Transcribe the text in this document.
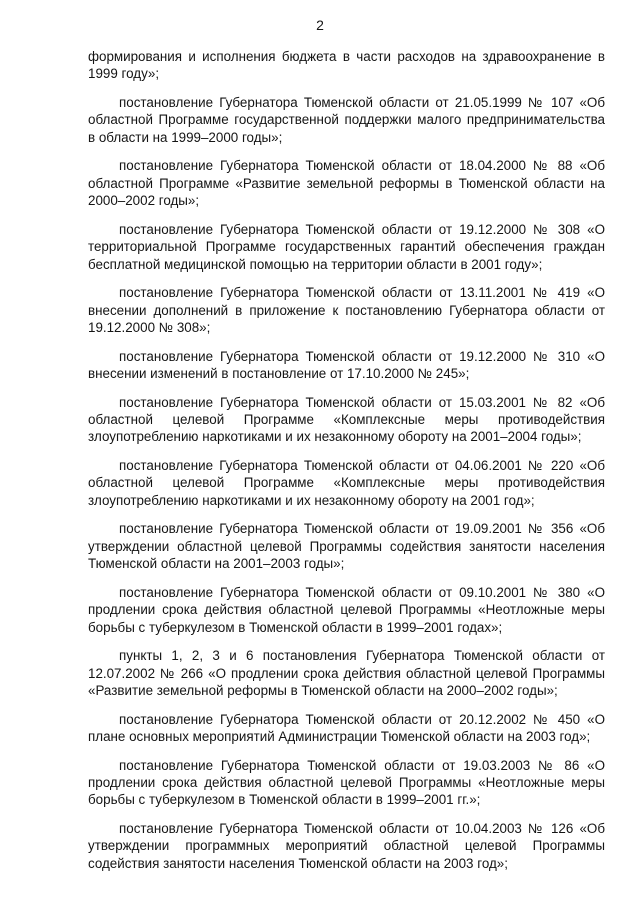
2

формирования и исполнения бюджета в части расходов на здравоохранение в 1999 году»;

постановление Губернатора Тюменской области от 21.05.1999 № 107 «Об областной Программе государственной поддержки малого предпринимательства в области на 1999–2000 годы»;

постановление Губернатора Тюменской области от 18.04.2000 № 88 «Об областной Программе «Развитие земельной реформы в Тюменской области на 2000–2002 годы»;

постановление Губернатора Тюменской области от 19.12.2000 № 308 «О территориальной Программе государственных гарантий обеспечения граждан бесплатной медицинской помощью на территории области в 2001 году»;

постановление Губернатора Тюменской области от 13.11.2001 № 419 «О внесении дополнений в приложение к постановлению Губернатора области от 19.12.2000 № 308»;

постановление Губернатора Тюменской области от 19.12.2000 № 310 «О внесении изменений в постановление от 17.10.2000 № 245»;

постановление Губернатора Тюменской области от 15.03.2001 № 82 «Об областной целевой Программе «Комплексные меры противодействия злоупотреблению наркотиками и их незаконному обороту на 2001–2004 годы»;

постановление Губернатора Тюменской области от 04.06.2001 № 220 «Об областной целевой Программе «Комплексные меры противодействия злоупотреблению наркотиками и их незаконному обороту на 2001 год»;

постановление Губернатора Тюменской области от 19.09.2001 № 356 «Об утверждении областной целевой Программы содействия занятости населения Тюменской области на 2001–2003 годы»;

постановление Губернатора Тюменской области от 09.10.2001 № 380 «О продлении срока действия областной целевой Программы «Неотложные меры борьбы с туберкулезом в Тюменской области в 1999–2001 годах»;

пункты 1, 2, 3 и 6 постановления Губернатора Тюменской области от 12.07.2002 № 266 «О продлении срока действия областной целевой Программы «Развитие земельной реформы в Тюменской области на 2000–2002 годы»;

постановление Губернатора Тюменской области от 20.12.2002 № 450 «О плане основных мероприятий Администрации Тюменской области на 2003 год»;

постановление Губернатора Тюменской области от 19.03.2003 № 86 «О продлении срока действия областной целевой Программы «Неотложные меры борьбы с туберкулезом в Тюменской области в 1999–2001 гг.»;

постановление Губернатора Тюменской области от 10.04.2003 № 126 «Об утверждении программных мероприятий областной целевой Программы содействия занятости населения Тюменской области на 2003 год»;
